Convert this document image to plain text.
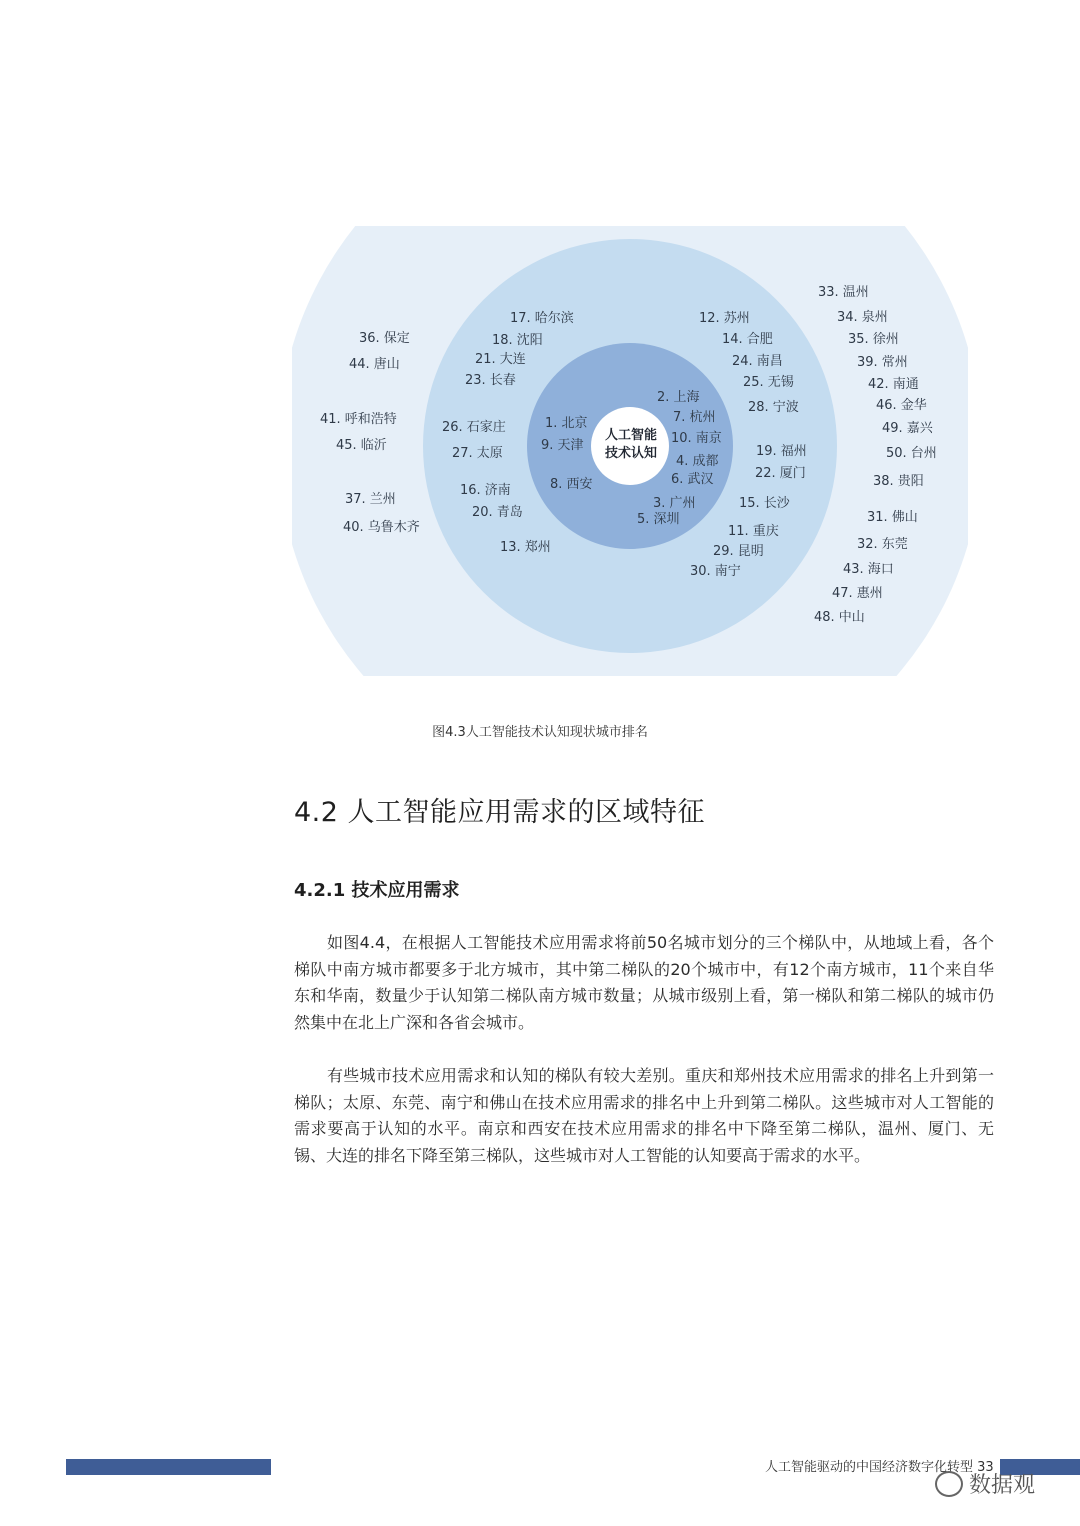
人工智能
技术认知
1. 北京
9. 天津
8. 西安
2. 上海
7. 杭州
10. 南京
4. 成都
6. 武汉
3. 广州
5. 深圳
17. 哈尔滨
18. 沈阳
21. 大连
23. 长春
26. 石家庄
27. 太原
16. 济南
20. 青岛
13. 郑州
12. 苏州
14. 合肥
24. 南昌
25. 无锡
28. 宁波
19. 福州
22. 厦门
15. 长沙
11. 重庆
29. 昆明
30. 南宁
36. 保定
44. 唐山
41. 呼和浩特
45. 临沂
37. 兰州
40. 乌鲁木齐
33. 温州
34. 泉州
35. 徐州
39. 常州
42. 南通
46. 金华
49. 嘉兴
50. 台州
38. 贵阳
31. 佛山
32. 东莞
43. 海口
47. 惠州
48. 中山
图4.3人工智能技术认知现状城市排名
4.2 人工智能应用需求的区域特征
4.2.1 技术应用需求
如图4.4，在根据人工智能技术应用需求将前50名城市划分的三个梯队中，从地域上看，各个梯队中南方城市都要多于北方城市，其中第二梯队的20个城市中，有12个南方城市，11个来自华东和华南，数量少于认知第二梯队南方城市数量；从城市级别上看，第一梯队和第二梯队的城市仍然集中在北上广深和各省会城市。
有些城市技术应用需求和认知的梯队有较大差别。重庆和郑州技术应用需求的排名上升到第一梯队；太原、东莞、南宁和佛山在技术应用需求的排名中上升到第二梯队。这些城市对人工智能的需求要高于认知的水平。南京和西安在技术应用需求的排名中下降至第二梯队，温州、厦门、无锡、大连的排名下降至第三梯队，这些城市对人工智能的认知要高于需求的水平。
人工智能驱动的中国经济数字化转型 33
数据观
